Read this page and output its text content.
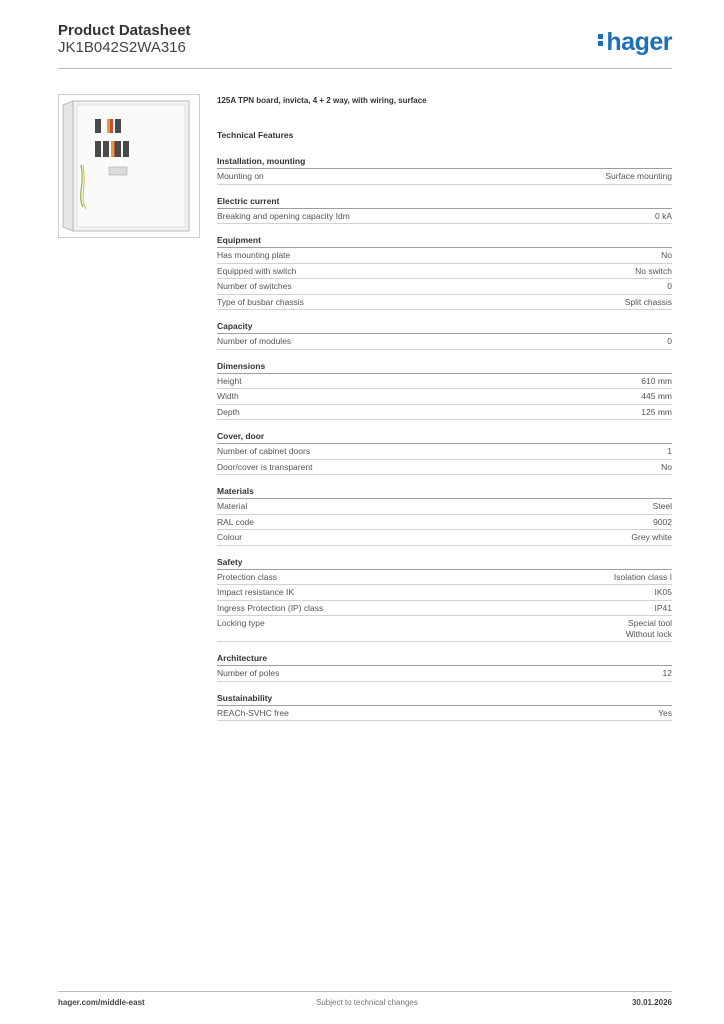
Product Datasheet
JK1B042S2WA316	hager
125A TPN board, invicta, 4 + 2 way, with wiring, surface
Technical Features
Installation, mounting
Mounting on	Surface mounting
Electric current
Breaking and opening capacity Idm	0 kA
Equipment
Has mounting plate	No
Equipped with switch	No switch
Number of switches	0
Type of busbar chassis	Split chassis
Capacity
Number of modules	0
Dimensions
Height	610 mm
Width	445 mm
Depth	125 mm
Cover, door
Number of cabinet doors	1
Door/cover is transparent	No
Materials
Material	Steel
RAL code	9002
Colour	Grey white
Safety
Protection class	Isolation class I
Impact resistance IK	IK05
Ingress Protection (IP) class	IP41
Locking type	Special tool
Without lock
Architecture
Number of poles	12
Sustainability
REACh-SVHC free	Yes
hager.com/middle-east	Subject to technical changes	30.01.2026
